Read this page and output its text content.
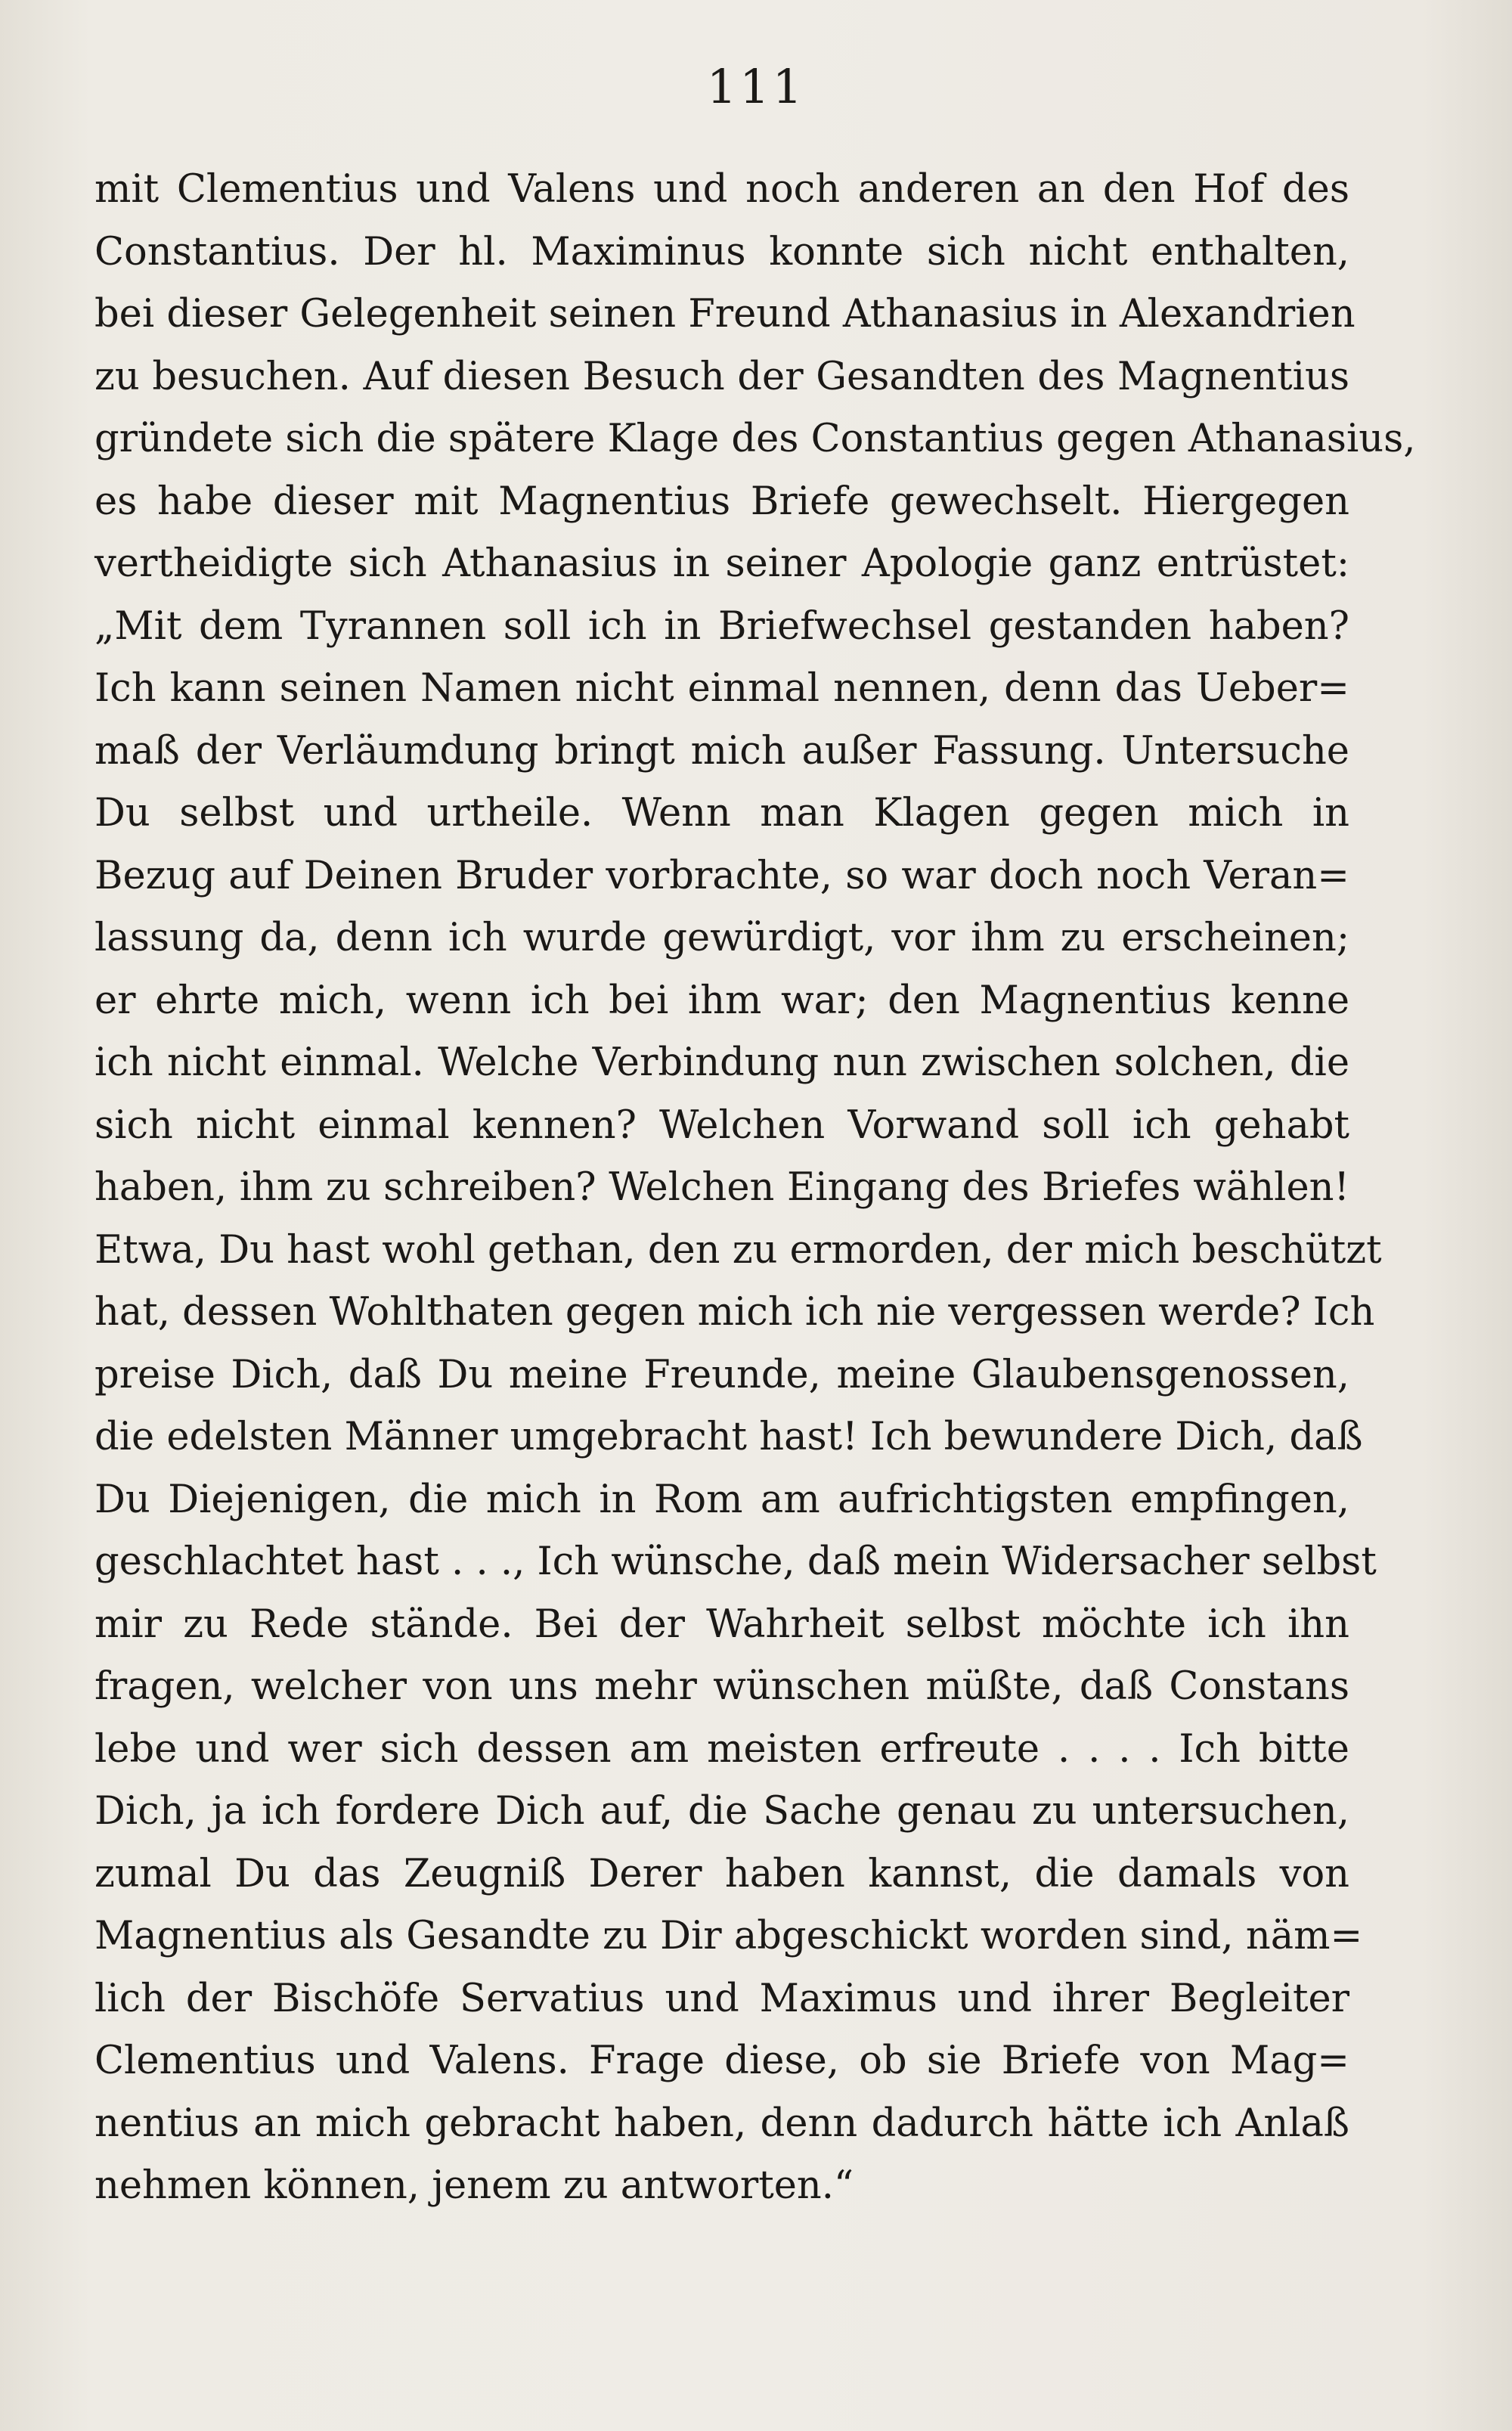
111
mit Clementius und Valens und noch anderen an den Hof des
Constantius. Der hl. Maximinus konnte sich nicht enthalten,
bei dieser Gelegenheit seinen Freund Athanasius in Alexandrien
zu besuchen. Auf diesen Besuch der Gesandten des Magnentius
gründete sich die spätere Klage des Constantius gegen Athanasius,
es habe dieser mit Magnentius Briefe gewechselt. Hiergegen
vertheidigte sich Athanasius in seiner Apologie ganz entrüstet:
„Mit dem Tyrannen soll ich in Briefwechsel gestanden haben?
Ich kann seinen Namen nicht einmal nennen, denn das Ueber=
maß der Verläumdung bringt mich außer Fassung. Untersuche
Du selbst und urtheile. Wenn man Klagen gegen mich in
Bezug auf Deinen Bruder vorbrachte, so war doch noch Veran=
lassung da, denn ich wurde gewürdigt, vor ihm zu erscheinen;
er ehrte mich, wenn ich bei ihm war; den Magnentius kenne
ich nicht einmal. Welche Verbindung nun zwischen solchen, die
sich nicht einmal kennen? Welchen Vorwand soll ich gehabt
haben, ihm zu schreiben? Welchen Eingang des Briefes wählen!
Etwa, Du hast wohl gethan, den zu ermorden, der mich beschützt
hat, dessen Wohlthaten gegen mich ich nie vergessen werde? Ich
preise Dich, daß Du meine Freunde, meine Glaubensgenossen,
die edelsten Männer umgebracht hast! Ich bewundere Dich, daß
Du Diejenigen, die mich in Rom am aufrichtigsten empfingen,
geschlachtet hast . . ., Ich wünsche, daß mein Widersacher selbst
mir zu Rede stände. Bei der Wahrheit selbst möchte ich ihn
fragen, welcher von uns mehr wünschen müßte, daß Constans
lebe und wer sich dessen am meisten erfreute . . . . Ich bitte
Dich, ja ich fordere Dich auf, die Sache genau zu untersuchen,
zumal Du das Zeugniß Derer haben kannst, die damals von
Magnentius als Gesandte zu Dir abgeschickt worden sind, näm=
lich der Bischöfe Servatius und Maximus und ihrer Begleiter
Clementius und Valens. Frage diese, ob sie Briefe von Mag=
nentius an mich gebracht haben, denn dadurch hätte ich Anlaß
nehmen können, jenem zu antworten.“
